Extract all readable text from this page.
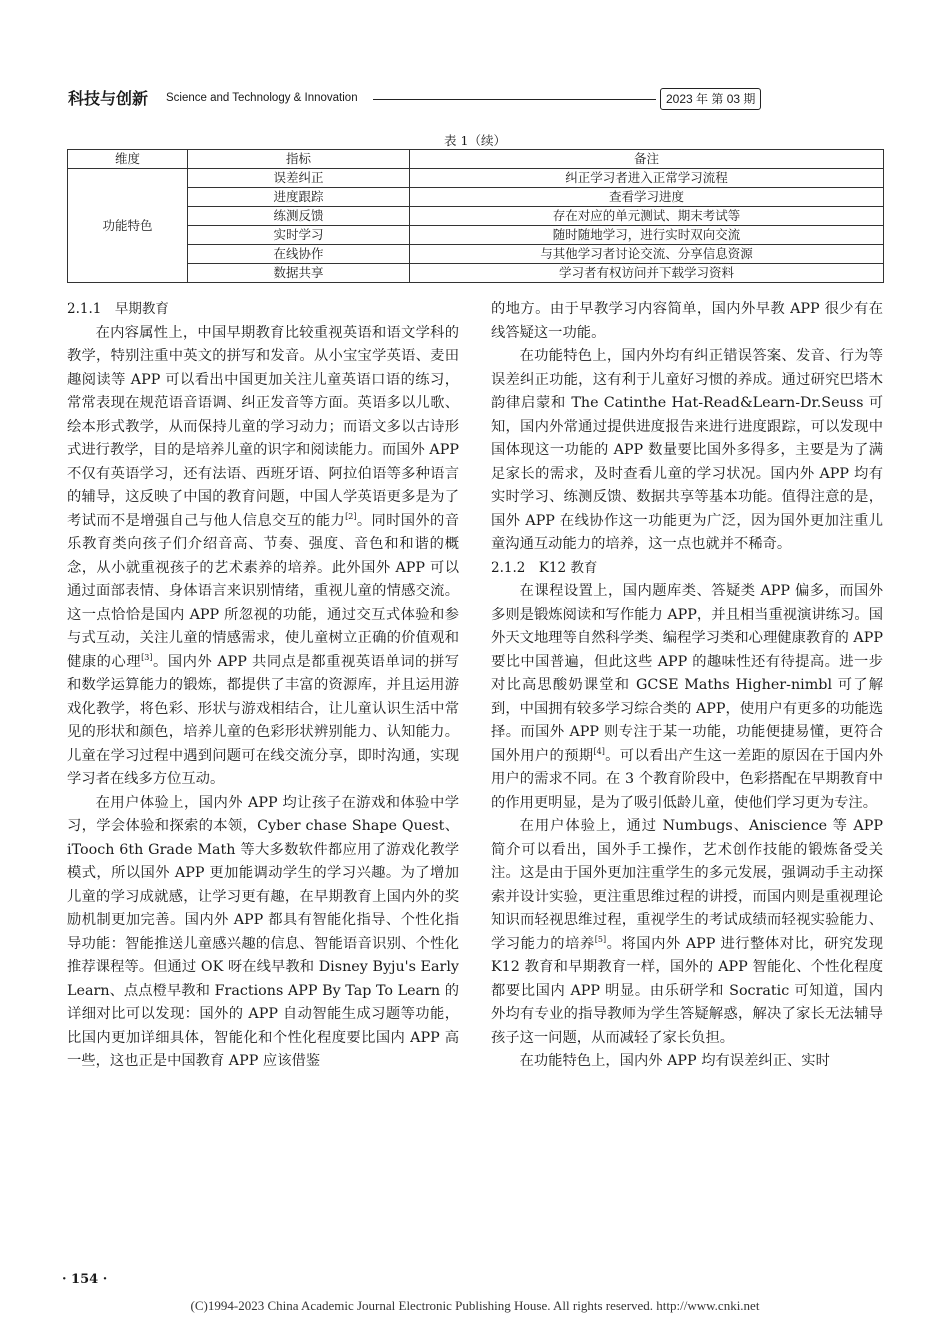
科技与创新 Science and Technology & Innovation	2023 年 第 03 期
表 1（续）
维度	指标	备注
功能特色	误差纠正	纠正学习者进入正常学习流程
	进度跟踪	查看学习进度
	练测反馈	存在对应的单元测试、期末考试等
	实时学习	随时随地学习，进行实时双向交流
	在线协作	与其他学习者讨论交流、分享信息资源
	数据共享	学习者有权访问并下载学习资料

2.1.1　早期教育

在内容属性上，中国早期教育比较重视英语和语文学科的教学，特别注重中英文的拼写和发音。从小宝宝学英语、麦田趣阅读等 APP 可以看出中国更加关注儿童英语口语的练习，常常表现在规范语音语调、纠正发音等方面。英语多以儿歌、绘本形式教学，从而保持儿童的学习动力；而语文多以古诗形式进行教学，目的是培养儿童的识字和阅读能力。而国外 APP 不仅有英语学习，还有法语、西班牙语、阿拉伯语等多种语言的辅导，这反映了中国的教育问题，中国人学英语更多是为了考试而不是增强自己与他人信息交互的能力[2]。同时国外的音乐教育类向孩子们介绍音高、节奏、强度、音色和和谐的概念，从小就重视孩子的艺术素养的培养。此外国外 APP 可以通过面部表情、身体语言来识别情绪，重视儿童的情感交流。这一点恰恰是国内 APP 所忽视的功能，通过交互式体验和参与式互动，关注儿童的情感需求，使儿童树立正确的价值观和健康的心理[3]。国内外 APP 共同点是都重视英语单词的拼写和数学运算能力的锻炼，都提供了丰富的资源库，并且运用游戏化教学，将色彩、形状与游戏相结合，让儿童认识生活中常见的形状和颜色，培养儿童的色彩形状辨别能力、认知能力。儿童在学习过程中遇到问题可在线交流分享，即时沟通，实现学习者在线多方位互动。

在用户体验上，国内外 APP 均让孩子在游戏和体验中学习，学会体验和探索的本领，Cyber chase Shape Quest、iTooch 6th Grade Math 等大多数软件都应用了游戏化教学模式，所以国外 APP 更加能调动学生的学习兴趣。为了增加儿童的学习成就感，让学习更有趣，在早期教育上国内外的奖励机制更加完善。国内外 APP 都具有智能化指导、个性化指导功能：智能推送儿童感兴趣的信息、智能语音识别、个性化推荐课程等。但通过 OK 呀在线早教和 Disney Byju's Early Learn、点点橙早教和 Fractions APP By Tap To Learn 的详细对比可以发现：国外的 APP 自动智能生成习题等功能，比国内更加详细具体，智能化和个性化程度要比国内 APP 高一些，这也正是中国教育 APP 应该借鉴

的地方。由于早教学习内容简单，国内外早教 APP 很少有在线答疑这一功能。

在功能特色上，国内外均有纠正错误答案、发音、行为等误差纠正功能，这有利于儿童好习惯的养成。通过研究巴塔木韵律启蒙和 The Catinthe Hat-Read&Learn-Dr.Seuss 可知，国内外常通过提供进度报告来进行进度跟踪，可以发现中国体现这一功能的 APP 数量要比国外多得多，主要是为了满足家长的需求，及时查看儿童的学习状况。国内外 APP 均有实时学习、练测反馈、数据共享等基本功能。值得注意的是，国外 APP 在线协作这一功能更为广泛，因为国外更加注重儿童沟通互动能力的培养，这一点也就并不稀奇。

2.1.2　K12 教育

在课程设置上，国内题库类、答疑类 APP 偏多，而国外多则是锻炼阅读和写作能力 APP，并且相当重视演讲练习。国外天文地理等自然科学类、编程学习类和心理健康教育的 APP 要比中国普遍，但此这些 APP 的趣味性还有待提高。进一步对比高思酸奶课堂和 GCSE Maths Higher-nimbl 可了解到，中国拥有较多学习综合类的 APP，使用户有更多的功能选择。而国外 APP 则专注于某一功能，功能便捷易懂，更符合国外用户的预期[4]。可以看出产生这一差距的原因在于国内外用户的需求不同。在 3 个教育阶段中，色彩搭配在早期教育中的作用更明显，是为了吸引低龄儿童，使他们学习更为专注。

在用户体验上，通过 Numbugs、Aniscience 等 APP 简介可以看出，国外手工操作，艺术创作技能的锻炼备受关注。这是由于国外更加注重学生的多元发展，强调动手主动探索并设计实验，更注重思维过程的讲授，而国内则是重视理论知识而轻视思维过程，重视学生的考试成绩而轻视实验能力、学习能力的培养[5]。将国内外 APP 进行整体对比，研究发现 K12 教育和早期教育一样，国外的 APP 智能化、个性化程度都要比国内 APP 明显。由乐研学和 Socratic 可知道，国内外均有专业的指导教师为学生答疑解惑，解决了家长无法辅导孩子这一问题，从而减轻了家长负担。

在功能特色上，国内外 APP 均有误差纠正、实时

· 154 ·
(C)1994-2023 China Academic Journal Electronic Publishing House. All rights reserved. http://www.cnki.net
